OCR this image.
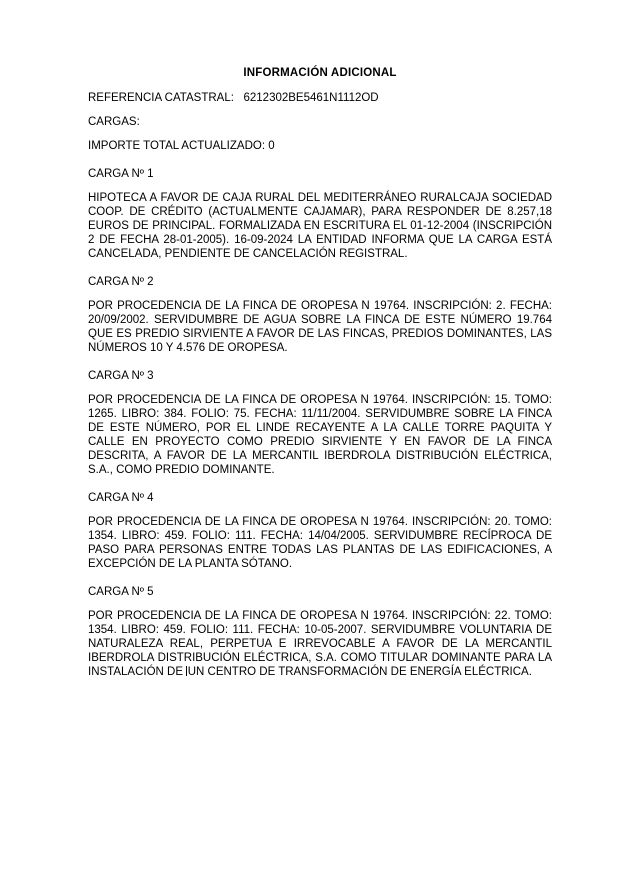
INFORMACIÓN ADICIONAL
REFERENCIA CATASTRAL:   6212302BE5461N1112OD
CARGAS:
IMPORTE TOTAL ACTUALIZADO: 0
CARGA Nº 1
HIPOTECA A FAVOR DE CAJA RURAL DEL MEDITERRÁNEO RURALCAJA SOCIEDAD COOP. DE CRÉDITO (ACTUALMENTE CAJAMAR), PARA RESPONDER DE 8.257,18 EUROS DE PRINCIPAL. FORMALIZADA EN ESCRITURA EL 01-12-2004 (INSCRIPCIÓN 2 DE FECHA 28-01-2005). 16-09-2024 LA ENTIDAD INFORMA QUE LA CARGA ESTÁ CANCELADA, PENDIENTE DE CANCELACIÓN REGISTRAL.
CARGA Nº 2
POR PROCEDENCIA DE LA FINCA DE OROPESA N 19764. INSCRIPCIÓN: 2. FECHA: 20/09/2002. SERVIDUMBRE DE AGUA SOBRE LA FINCA DE ESTE NÚMERO 19.764 QUE ES PREDIO SIRVIENTE A FAVOR DE LAS FINCAS, PREDIOS DOMINANTES, LAS NÚMEROS 10 Y 4.576 DE OROPESA.
CARGA Nº 3
POR PROCEDENCIA DE LA FINCA DE OROPESA N 19764. INSCRIPCIÓN: 15. TOMO: 1265. LIBRO: 384. FOLIO: 75. FECHA: 11/11/2004. SERVIDUMBRE SOBRE LA FINCA DE ESTE NÚMERO, POR EL LINDE RECAYENTE A LA CALLE TORRE PAQUITA Y CALLE EN PROYECTO COMO PREDIO SIRVIENTE Y EN FAVOR DE LA FINCA DESCRITA, A FAVOR DE LA MERCANTIL IBERDROLA DISTRIBUCIÓN ELÉCTRICA, S.A., COMO PREDIO DOMINANTE.
CARGA Nº 4
POR PROCEDENCIA DE LA FINCA DE OROPESA N 19764. INSCRIPCIÓN: 20. TOMO: 1354. LIBRO: 459. FOLIO: 111. FECHA: 14/04/2005. SERVIDUMBRE RECÍPROCA DE PASO PARA PERSONAS ENTRE TODAS LAS PLANTAS DE LAS EDIFICACIONES, A EXCEPCIÓN DE LA PLANTA SÓTANO.
CARGA Nº 5
POR PROCEDENCIA DE LA FINCA DE OROPESA N 19764. INSCRIPCIÓN: 22. TOMO: 1354. LIBRO: 459. FOLIO: 111. FECHA: 10-05-2007. SERVIDUMBRE VOLUNTARIA DE NATURALEZA REAL, PERPETUA E IRREVOCABLE A FAVOR DE LA MERCANTIL IBERDROLA DISTRIBUCIÓN ELÉCTRICA, S.A. COMO TITULAR DOMINANTE PARA LA INSTALACIÓN DE UN CENTRO DE TRANSFORMACIÓN DE ENERGÍA ELÉCTRICA.
